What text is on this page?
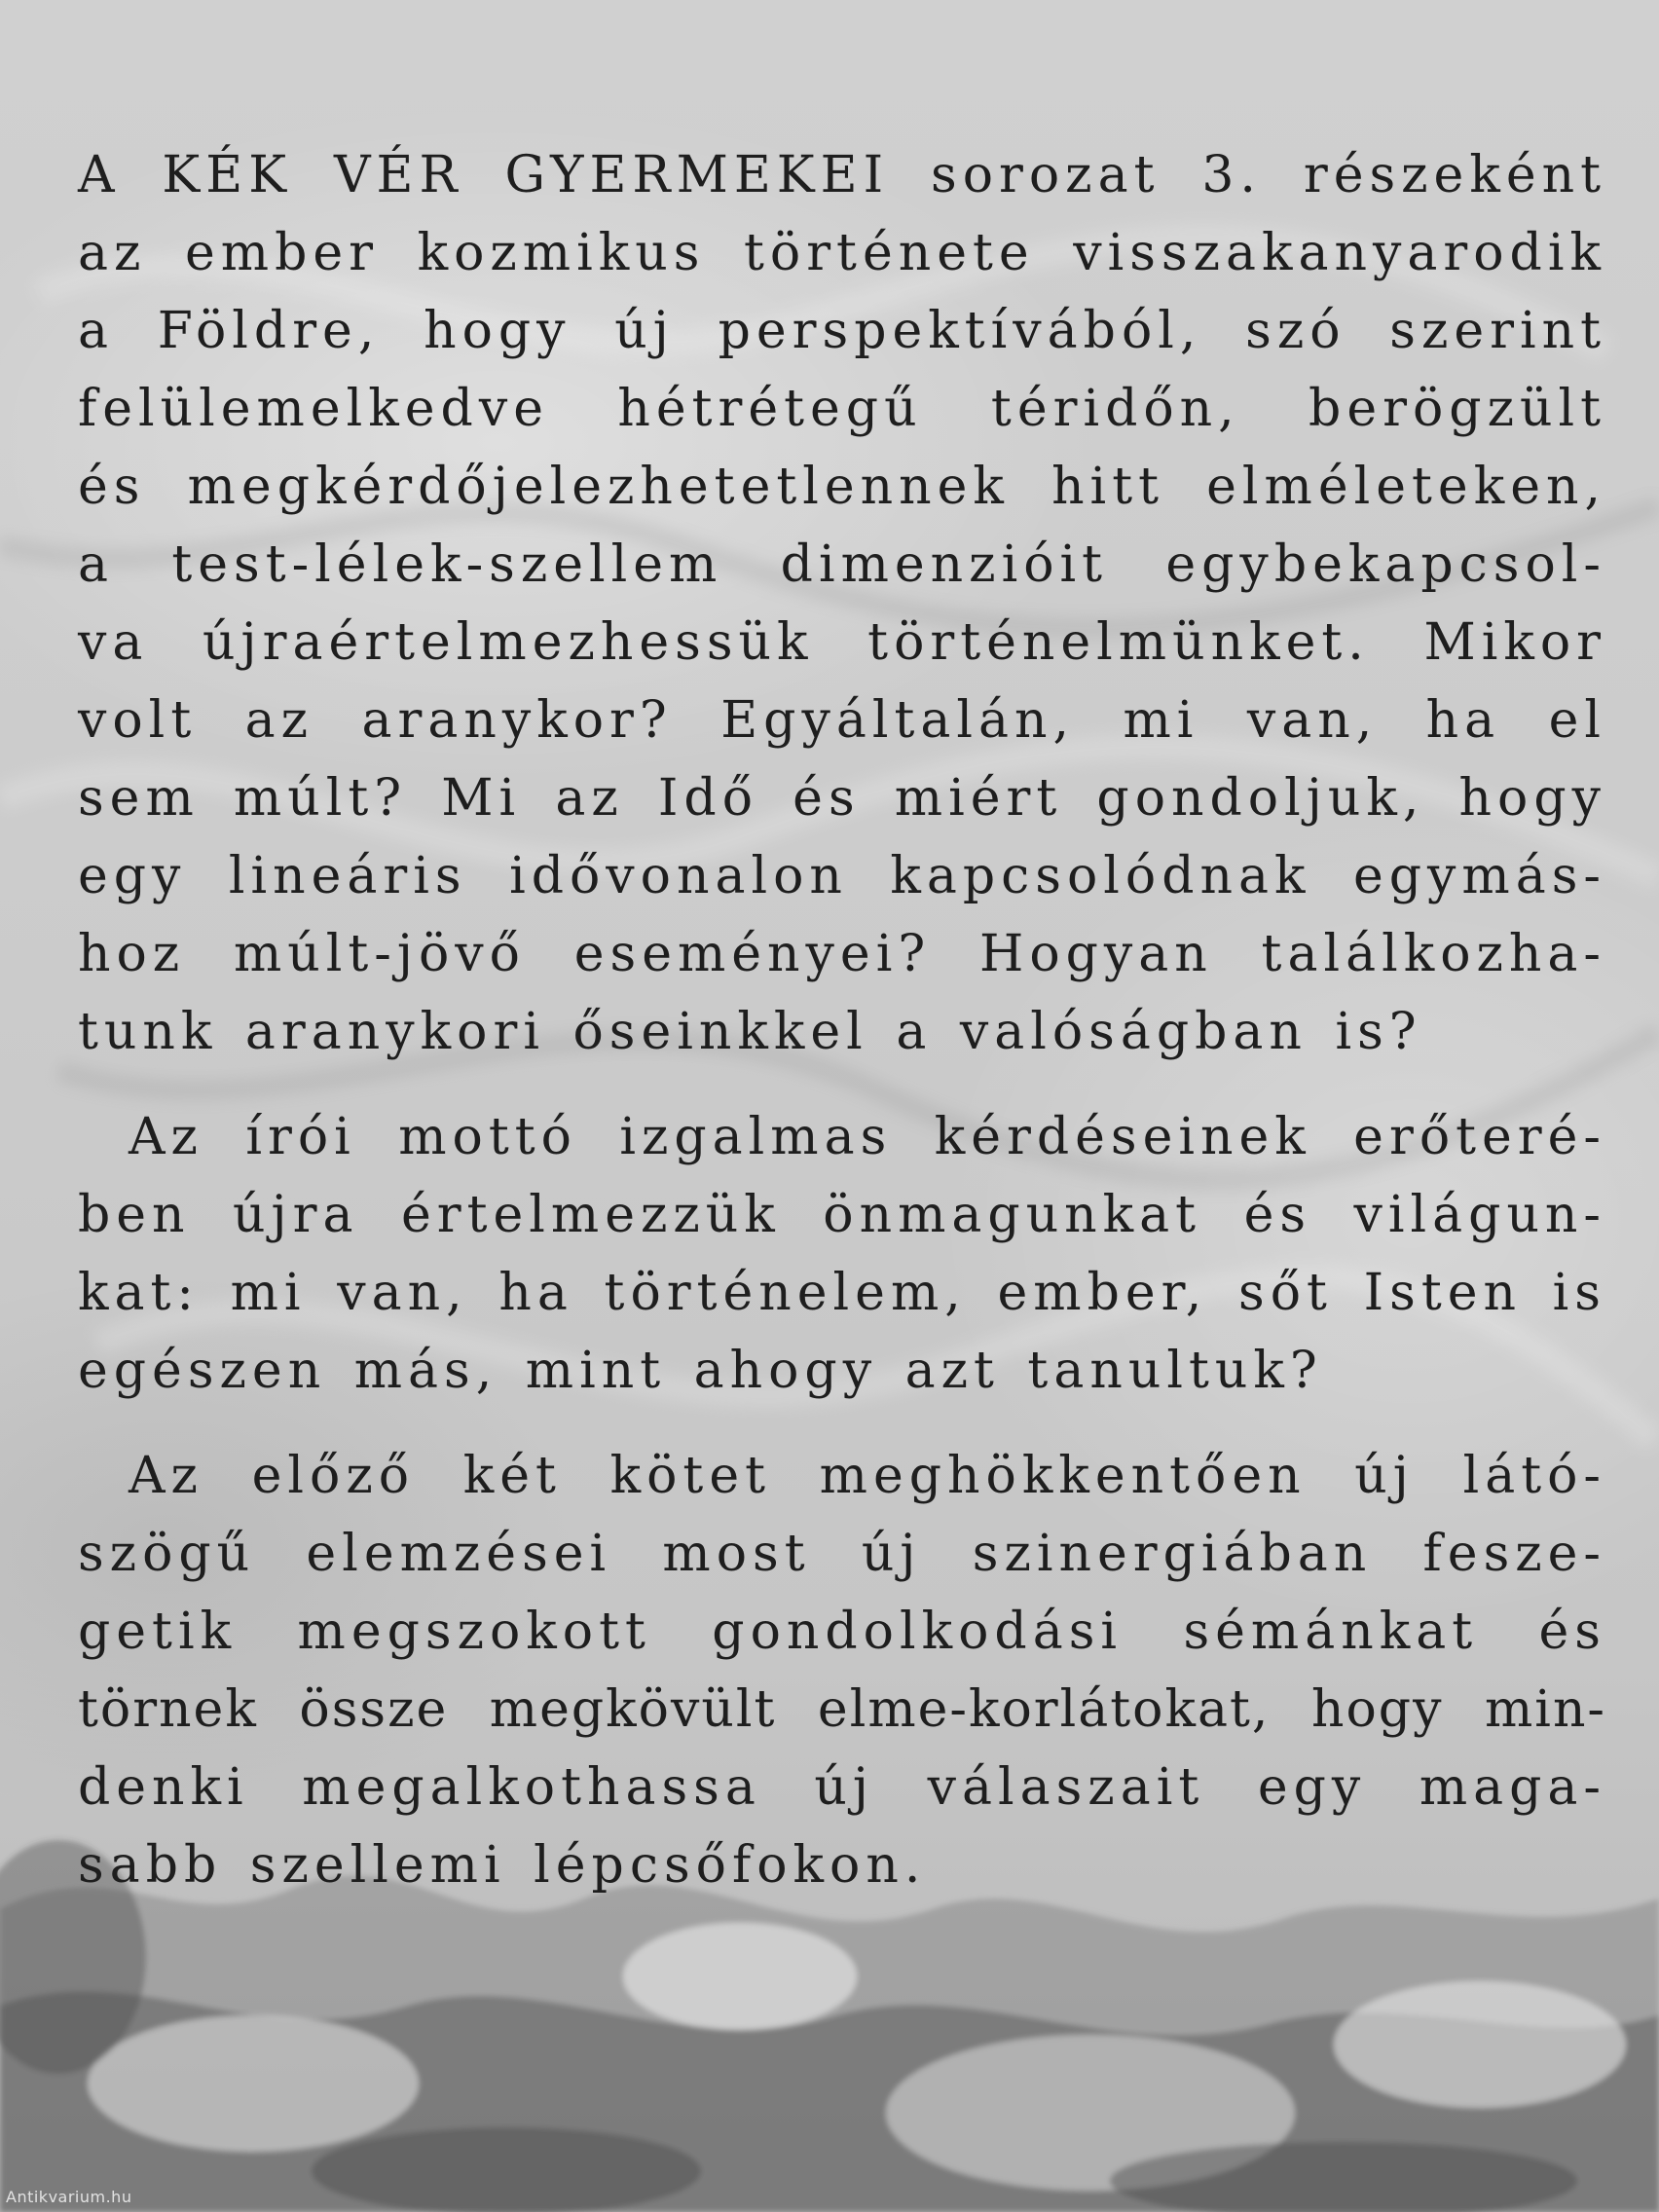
A KÉK VÉR GYERMEKEI sorozat 3. részeként
az ember kozmikus története visszakanyarodik
a Földre, hogy új perspektívából, szó szerint
felülemelkedve hétrétegű téridőn, berögzült
és megkérdőjelezhetetlennek hitt elméleteken,
a test-lélek-szellem dimenzióit egybekapcsol-
va újraértelmezhessük történelmünket. Mikor
volt az aranykor? Egyáltalán, mi van, ha el
sem múlt? Mi az Idő és miért gondoljuk, hogy
egy lineáris idővonalon kapcsolódnak egymás-
hoz múlt-jövő eseményei? Hogyan találkozha-
tunk aranykori őseinkkel a valóságban is?
Az írói mottó izgalmas kérdéseinek erőteré-
ben újra értelmezzük önmagunkat és világun-
kat: mi van, ha történelem, ember, sőt Isten is
egészen más, mint ahogy azt tanultuk?
Az előző két kötet meghökkentően új látó-
szögű elemzései most új szinergiában fesze-
getik megszokott gondolkodási sémánkat és
törnek össze megkövült elme-korlátokat, hogy min-
denki megalkothassa új válaszait egy maga-
sabb szellemi lépcsőfokon.
Antikvarium.hu
